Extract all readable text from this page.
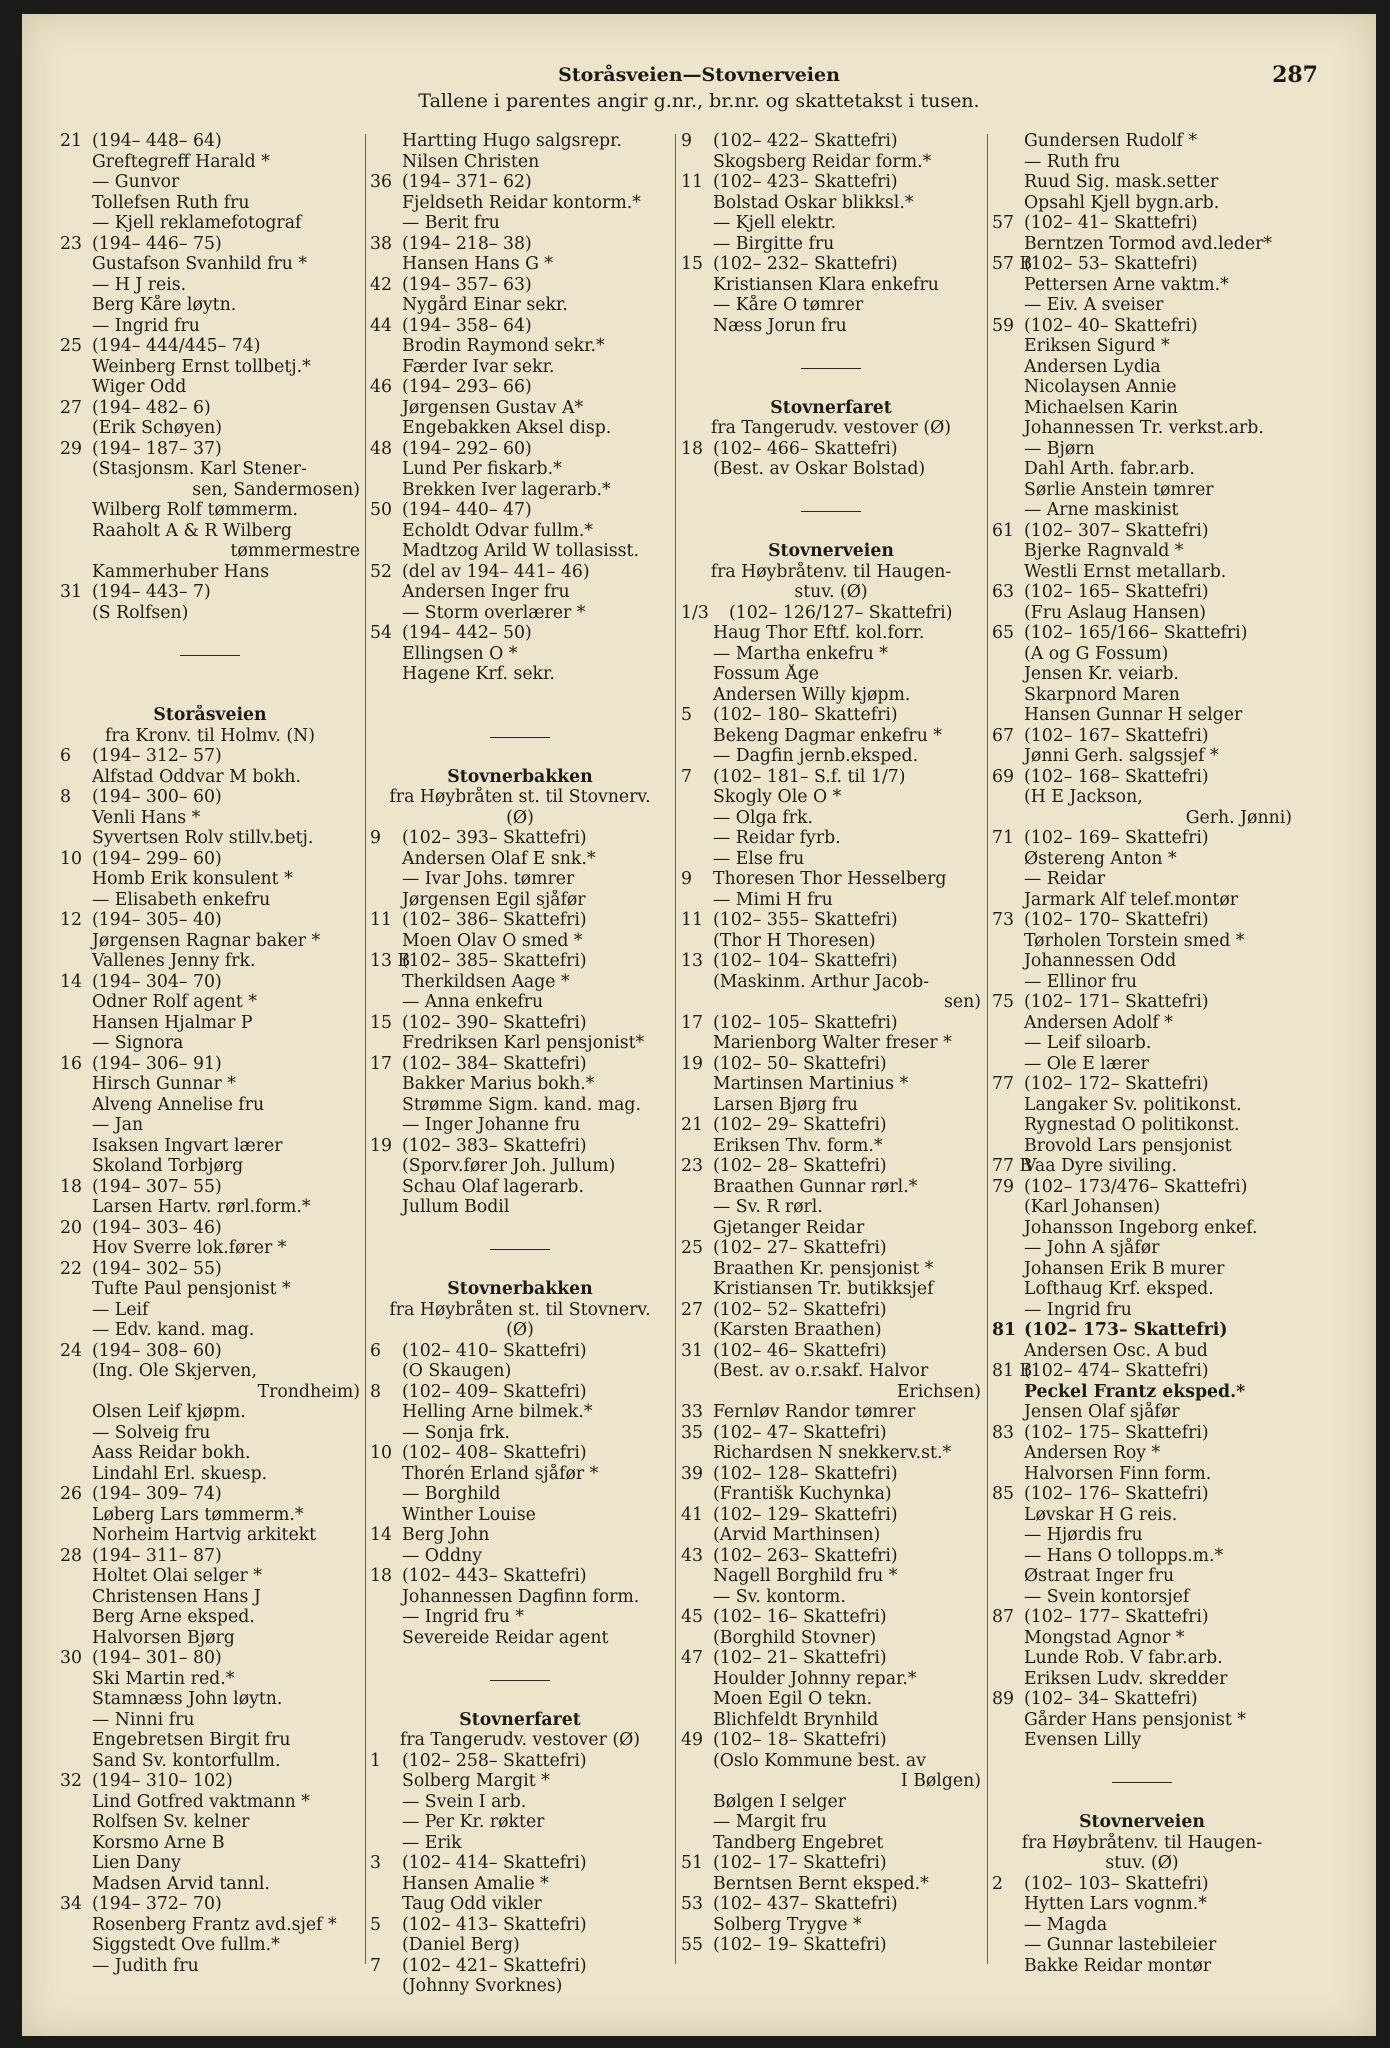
Storåsveien—Stovnerveien
Tallene i parentes angir g.nr., br.nr. og skattetakst i tusen.
287
21 (194– 448– 64)
Greftegreff Harald *
— Gunvor
Tollefsen Ruth fru
— Kjell reklamefotograf
23 (194– 446– 75)
Gustafson Svanhild fru *
— H J reis.
Berg Kåre løytn.
— Ingrid fru
25 (194– 444/445– 74)
Weinberg Ernst tollbetj.*
Wiger Odd
27 (194– 482– 6)
(Erik Schøyen)
29 (194– 187– 37)
(Stasjonsm. Karl Stener-
sen, Sandermosen)
Wilberg Rolf tømmerm.
Raaholt A & R Wilberg
tømmermestre
Kammerhuber Hans
31 (194– 443– 7)
(S Rolfsen)
Storåsveien
fra Kronv. til Holmv. (N)
6 (194– 312– 57)
Alfstad Oddvar M bokh.
8 (194– 300– 60)
Venli Hans *
Syvertsen Rolv stillv.betj.
10 (194– 299– 60)
Homb Erik konsulent *
— Elisabeth enkefru
12 (194– 305– 40)
Jørgensen Ragnar baker *
Vallenes Jenny frk.
14 (194– 304– 70)
Odner Rolf agent *
Hansen Hjalmar P
— Signora
16 (194– 306– 91)
Hirsch Gunnar *
Alveng Annelise fru
— Jan
Isaksen Ingvart lærer
Skoland Torbjørg
18 (194– 307– 55)
Larsen Hartv. rørl.form.*
20 (194– 303– 46)
Hov Sverre lok.fører *
22 (194– 302– 55)
Tufte Paul pensjonist *
— Leif
— Edv. kand. mag.
24 (194– 308– 60)
(Ing. Ole Skjerven,
Trondheim)
Olsen Leif kjøpm.
— Solveig fru
Aass Reidar bokh.
Lindahl Erl. skuesp.
26 (194– 309– 74)
Løberg Lars tømmerm.*
Norheim Hartvig arkitekt
28 (194– 311– 87)
Holtet Olai selger *
Christensen Hans J
Berg Arne eksped.
Halvorsen Bjørg
30 (194– 301– 80)
Ski Martin red.*
Stamnæss John løytn.
— Ninni fru
Engebretsen Birgit fru
Sand Sv. kontorfullm.
32 (194– 310– 102)
Lind Gotfred vaktmann *
Rolfsen Sv. kelner
Korsmo Arne B
Lien Dany
Madsen Arvid tannl.
34 (194– 372– 70)
Rosenberg Frantz avd.sjef *
Siggstedt Ove fullm.*
— Judith fru
Hartting Hugo salgsrepr.
Nilsen Christen
36 (194– 371– 62)
Fjeldseth Reidar kontorm.*
— Berit fru
38 (194– 218– 38)
Hansen Hans G *
42 (194– 357– 63)
Nygård Einar sekr.
44 (194– 358– 64)
Brodin Raymond sekr.*
Færder Ivar sekr.
46 (194– 293– 66)
Jørgensen Gustav A*
Engebakken Aksel disp.
48 (194– 292– 60)
Lund Per fiskarb.*
Brekken Iver lagerarb.*
50 (194– 440– 47)
Echoldt Odvar fullm.*
Madtzog Arild W tollasisst.
52 (del av 194– 441– 46)
Andersen Inger fru
— Storm overlærer *
54 (194– 442– 50)
Ellingsen O *
Hagene Krf. sekr.
Stovnerbakken
fra Høybråten st. til Stovnerv.
(Ø)
9 (102– 393– Skattefri)
Andersen Olaf E snk.*
— Ivar Johs. tømrer
Jørgensen Egil sjåfør
11 (102– 386– Skattefri)
Moen Olav O smed *
13 B
(102– 385– Skattefri)
Therkildsen Aage *
— Anna enkefru
15 (102– 390– Skattefri)
Fredriksen Karl pensjonist*
17 (102– 384– Skattefri)
Bakker Marius bokh.*
Strømme Sigm. kand. mag.
— Inger Johanne fru
19 (102– 383– Skattefri)
(Sporv.fører Joh. Jullum)
Schau Olaf lagerarb.
Jullum Bodil
Stovnerbakken
fra Høybråten st. til Stovnerv.
(Ø)
6 (102– 410– Skattefri)
(O Skaugen)
8 (102– 409– Skattefri)
Helling Arne bilmek.*
— Sonja frk.
10 (102– 408– Skattefri)
Thorén Erland sjåfør *
— Borghild
Winther Louise
14 Berg John
— Oddny
18 (102– 443– Skattefri)
Johannessen Dagfinn form.
— Ingrid fru *
Severeide Reidar agent
Stovnerfaret
fra Tangerudv. vestover (Ø)
1 (102– 258– Skattefri)
Solberg Margit *
— Svein I arb.
— Per Kr. røkter
— Erik
3 (102– 414– Skattefri)
Hansen Amalie *
Taug Odd vikler
5 (102– 413– Skattefri)
(Daniel Berg)
7 (102– 421– Skattefri)
(Johnny Svorknes)
9 (102– 422– Skattefri)
Skogsberg Reidar form.*
11 (102– 423– Skattefri)
Bolstad Oskar blikksl.*
— Kjell elektr.
— Birgitte fru
15 (102– 232– Skattefri)
Kristiansen Klara enkefru
— Kåre O tømrer
Næss Jorun fru
Stovnerfaret
fra Tangerudv. vestover (Ø)
18 (102– 466– Skattefri)
(Best. av Oskar Bolstad)
Stovnerveien
fra Høybråtenv. til Haugen-
stuv. (Ø)
1/3 (102– 126/127– Skattefri)
Haug Thor Eftf. kol.forr.
— Martha enkefru *
Fossum Åge
Andersen Willy kjøpm.
5 (102– 180– Skattefri)
Bekeng Dagmar enkefru *
— Dagfin jernb.eksped.
7 (102– 181– S.f. til 1/7)
Skogly Ole O *
— Olga frk.
— Reidar fyrb.
— Else fru
9 Thoresen Thor Hesselberg
— Mimi H fru
11 (102– 355– Skattefri)
(Thor H Thoresen)
13 (102– 104– Skattefri)
(Maskinm. Arthur Jacob-
sen)
17 (102– 105– Skattefri)
Marienborg Walter freser *
19 (102– 50– Skattefri)
Martinsen Martinius *
Larsen Bjørg fru
21 (102– 29– Skattefri)
Eriksen Thv. form.*
23 (102– 28– Skattefri)
Braathen Gunnar rørl.*
— Sv. R rørl.
Gjetanger Reidar
25 (102– 27– Skattefri)
Braathen Kr. pensjonist *
Kristiansen Tr. butikksjef
27 (102– 52– Skattefri)
(Karsten Braathen)
31 (102– 46– Skattefri)
(Best. av o.r.sakf. Halvor
Erichsen)
33 Fernløv Randor tømrer
35 (102– 47– Skattefri)
Richardsen N snekkerv.st.*
39 (102– 128– Skattefri)
(Františk Kuchynka)
41 (102– 129– Skattefri)
(Arvid Marthinsen)
43 (102– 263– Skattefri)
Nagell Borghild fru *
— Sv. kontorm.
45 (102– 16– Skattefri)
(Borghild Stovner)
47 (102– 21– Skattefri)
Houlder Johnny repar.*
Moen Egil O tekn.
Blichfeldt Brynhild
49 (102– 18– Skattefri)
(Oslo Kommune best. av
I Bølgen)
Bølgen I selger
— Margit fru
Tandberg Engebret
51 (102– 17– Skattefri)
Berntsen Bernt eksped.*
53 (102– 437– Skattefri)
Solberg Trygve *
55 (102– 19– Skattefri)
Gundersen Rudolf *
— Ruth fru
Ruud Sig. mask.setter
Opsahl Kjell bygn.arb.
57 (102– 41– Skattefri)
Berntzen Tormod avd.leder*
57 B
(102– 53– Skattefri)
Pettersen Arne vaktm.*
— Eiv. A sveiser
59 (102– 40– Skattefri)
Eriksen Sigurd *
Andersen Lydia
Nicolaysen Annie
Michaelsen Karin
Johannessen Tr. verkst.arb.
— Bjørn
Dahl Arth. fabr.arb.
Sørlie Anstein tømrer
— Arne maskinist
61 (102– 307– Skattefri)
Bjerke Ragnvald *
Westli Ernst metallarb.
63 (102– 165– Skattefri)
(Fru Aslaug Hansen)
65 (102– 165/166– Skattefri)
(A og G Fossum)
Jensen Kr. veiarb.
Skarpnord Maren
Hansen Gunnar H selger
67 (102– 167– Skattefri)
Jønni Gerh. salgssjef *
69 (102– 168– Skattefri)
(H E Jackson,
Gerh. Jønni)
71 (102– 169– Skattefri)
Østereng Anton *
— Reidar
Jarmark Alf telef.montør
73 (102– 170– Skattefri)
Tørholen Torstein smed *
Johannessen Odd
— Ellinor fru
75 (102– 171– Skattefri)
Andersen Adolf *
— Leif siloarb.
— Ole E lærer
77 (102– 172– Skattefri)
Langaker Sv. politikonst.
Rygnestad O politikonst.
Brovold Lars pensjonist
77 B
Vaa Dyre siviling.
79 (102– 173/476– Skattefri)
(Karl Johansen)
Johansson Ingeborg enkef.
— John A sjåfør
Johansen Erik B murer
Lofthaug Krf. eksped.
— Ingrid fru
81 (102– 173– Skattefri)
Andersen Osc. A bud
81 B
(102– 474– Skattefri)
Peckel Frantz eksped.*
Jensen Olaf sjåfør
83 (102– 175– Skattefri)
Andersen Roy *
Halvorsen Finn form.
85 (102– 176– Skattefri)
Løvskar H G reis.
— Hjørdis fru
— Hans O tollopps.m.*
Østraat Inger fru
— Svein kontorsjef
87 (102– 177– Skattefri)
Mongstad Agnor *
Lunde Rob. V fabr.arb.
Eriksen Ludv. skredder
89 (102– 34– Skattefri)
Gårder Hans pensjonist *
Evensen Lilly
Stovnerveien
fra Høybråtenv. til Haugen-
stuv. (Ø)
2 (102– 103– Skattefri)
Hytten Lars vognm.*
— Magda
— Gunnar lastebileier
Bakke Reidar montør
